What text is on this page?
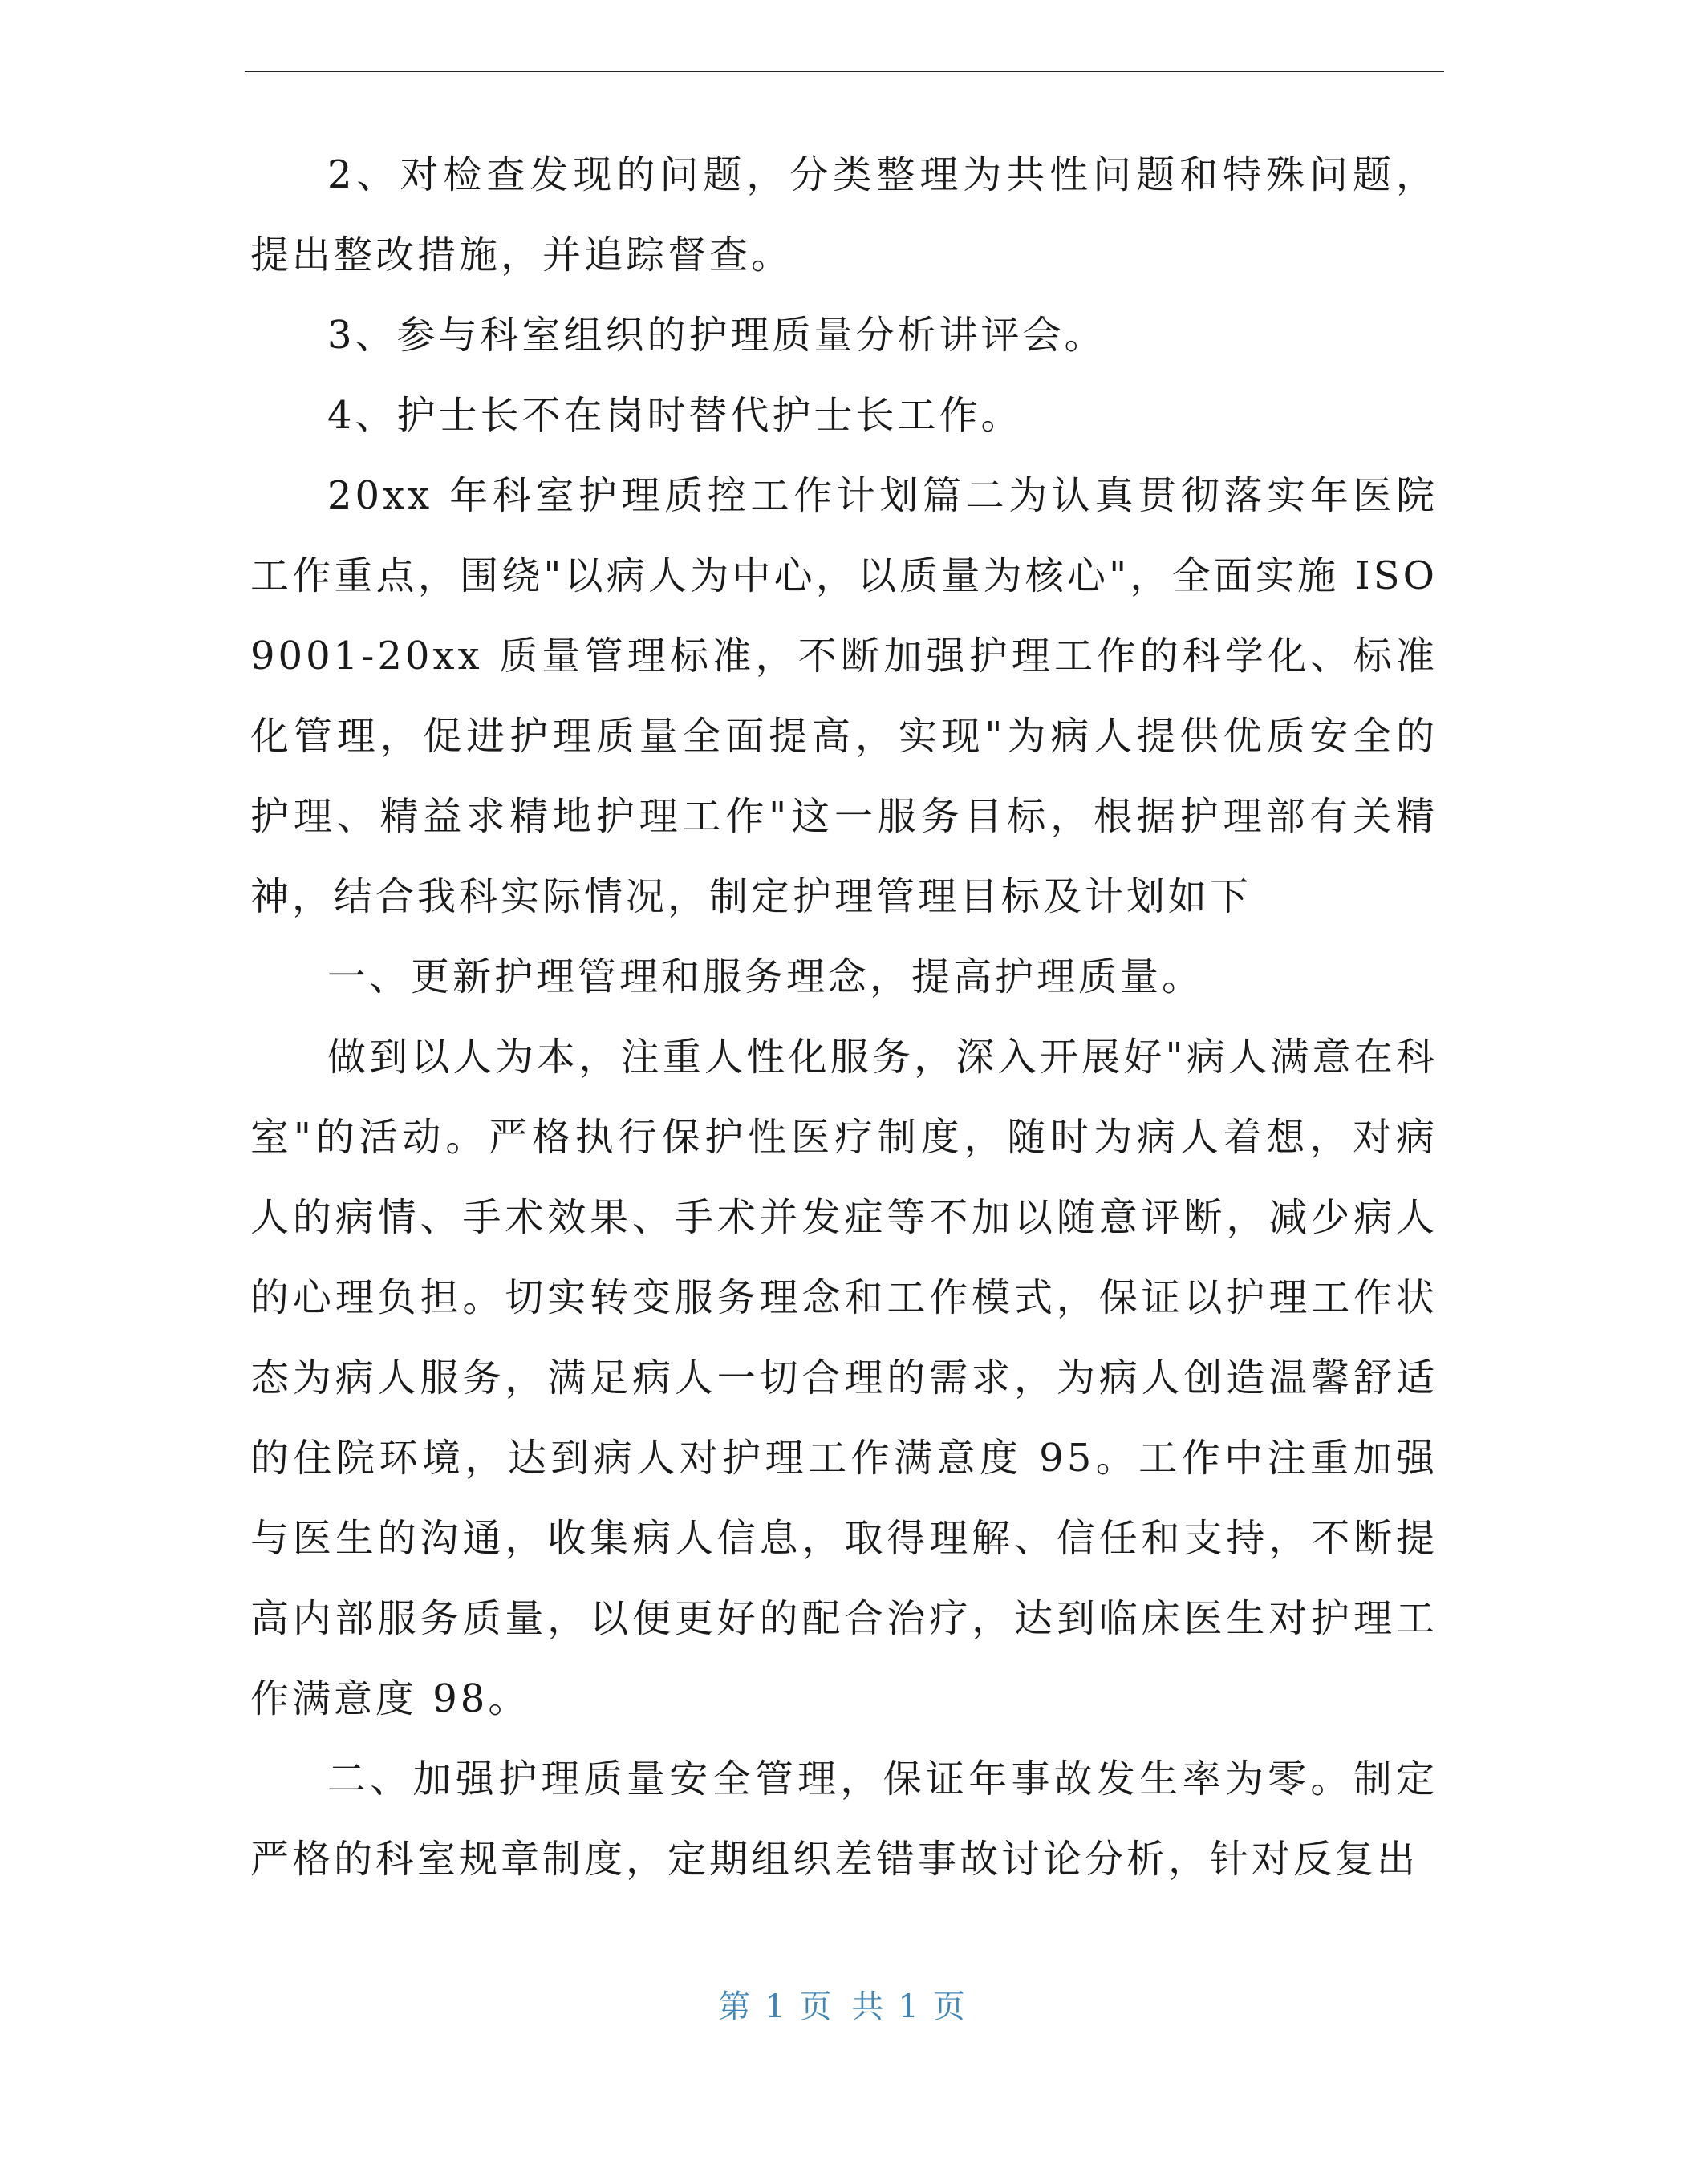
2、对检查发现的问题，分类整理为共性问题和特殊问题，提出整改措施，并追踪督查。

3、参与科室组织的护理质量分析讲评会。

4、护士长不在岗时替代护士长工作。

20xx 年科室护理质控工作计划篇二为认真贯彻落实年医院工作重点，围绕"以病人为中心，以质量为核心"，全面实施 ISO9001-20xx 质量管理标准，不断加强护理工作的科学化、标准化管理，促进护理质量全面提高，实现"为病人提供优质安全的护理、精益求精地护理工作"这一服务目标，根据护理部有关精神，结合我科实际情况，制定护理管理目标及计划如下

一、更新护理管理和服务理念，提高护理质量。

做到以人为本，注重人性化服务，深入开展好"病人满意在科室"的活动。严格执行保护性医疗制度，随时为病人着想，对病人的病情、手术效果、手术并发症等不加以随意评断，减少病人的心理负担。切实转变服务理念和工作模式，保证以护理工作状态为病人服务，满足病人一切合理的需求，为病人创造温馨舒适的住院环境，达到病人对护理工作满意度 95。工作中注重加强与医生的沟通，收集病人信息，取得理解、信任和支持，不断提高内部服务质量，以便更好的配合治疗，达到临床医生对护理工作满意度 98。

二、加强护理质量安全管理，保证年事故发生率为零。制定严格的科室规章制度，定期组织差错事故讨论分析，针对反复出

第 1 页 共 1 页
